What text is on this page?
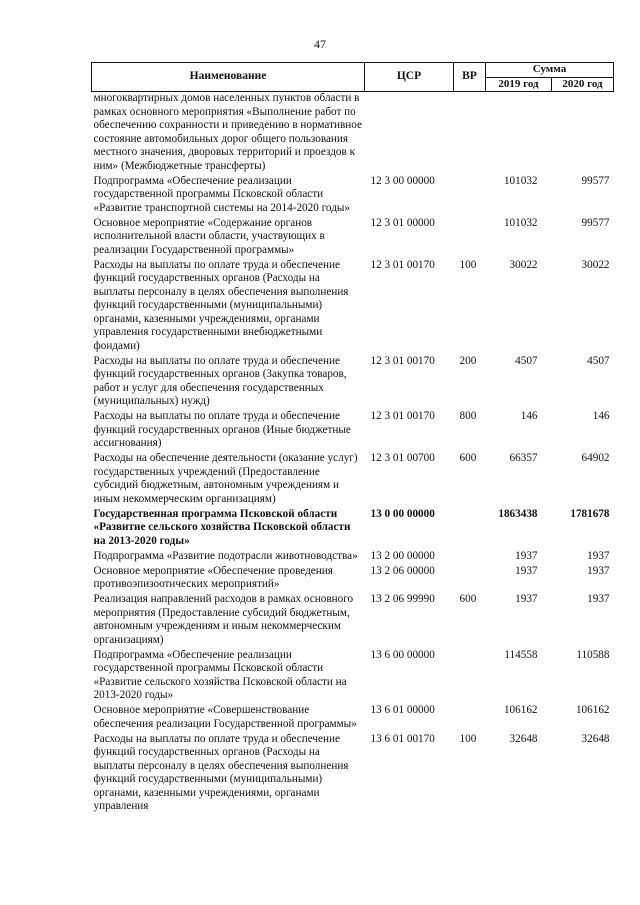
47
Наименование	ЦСР	ВР	Сумма	
			2019 год	2020 год
многоквартирных домов населенных пунктов области в рамках основного мероприятия «Выполнение работ по обеспечению сохранности и приведению в нормативное состояние автомобильных дорог общего пользования местного значения, дворовых территорий и проездов к ним» (Межбюджетные трансферты)				
Подпрограмма «Обеспечение реализации государственной программы Псковской области «Развитие транспортной системы на 2014-2020 годы»	12 3 00 00000		101032	99577
Основное мероприятие «Содержание органов исполнительной власти области, участвующих в реализации Государственной программы»	12 3 01 00000		101032	99577
Расходы на выплаты по оплате труда и обеспечение функций государственных органов (Расходы на выплаты персоналу в целях обеспечения выполнения функций государственными (муниципальными) органами, казенными учреждениями, органами управления государственными внебюджетными фондами)	12 3 01 00170	100	30022	30022
Расходы на выплаты по оплате труда и обеспечение функций государственных органов (Закупка товаров, работ и услуг для обеспечения государственных (муниципальных) нужд)	12 3 01 00170	200	4507	4507
Расходы на выплаты по оплате труда и обеспечение функций государственных органов (Иные бюджетные ассигнования)	12 3 01 00170	800	146	146
Расходы на обеспечение деятельности (оказание услуг) государственных учреждений (Предоставление субсидий бюджетным, автономным учреждениям и иным некоммерческим организациям)	12 3 01 00700	600	66357	64902
Государственная программа Псковской области «Развитие сельского хозяйства Псковской области на 2013-2020 годы»	13 0 00 00000		1863438	1781678
Подпрограмма «Развитие подотрасли животноводства»	13 2 00 00000		1937	1937
Основное мероприятие «Обеспечение проведения противоэпизоотических мероприятий»	13 2 06 00000		1937	1937
Реализация направлений расходов в рамках основного мероприятия (Предоставление субсидий бюджетным, автономным учреждениям и иным некоммерческим организациям)	13 2 06 99990	600	1937	1937
Подпрограмма «Обеспечение реализации государственной программы Псковской области «Развитие сельского хозяйства Псковской области на 2013-2020 годы»	13 6 00 00000		114558	110588
Основное мероприятие «Совершенствование обеспечения реализации Государственной программы»	13 6 01 00000		106162	106162
Расходы на выплаты по оплате труда и обеспечение функций государственных органов (Расходы на выплаты персоналу в целях обеспечения выполнения функций государственными (муниципальными) органами, казенными учреждениями, органами управления	13 6 01 00170	100	32648	32648
